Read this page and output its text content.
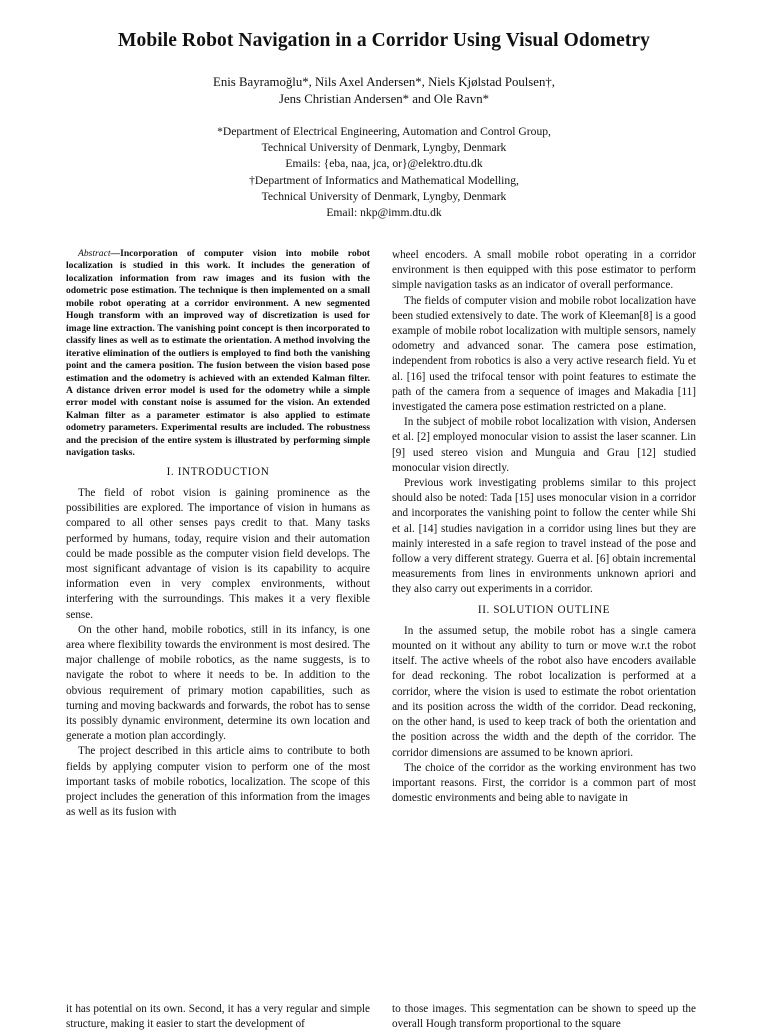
Mobile Robot Navigation in a Corridor Using Visual Odometry
Enis Bayramoğlu*, Nils Axel Andersen*, Niels Kjølstad Poulsen†,
Jens Christian Andersen* and Ole Ravn*
*Department of Electrical Engineering, Automation and Control Group,
Technical University of Denmark, Lyngby, Denmark
Emails: {eba, naa, jca, or}@elektro.dtu.dk
†Department of Informatics and Mathematical Modelling,
Technical University of Denmark, Lyngby, Denmark
Email: nkp@imm.dtu.dk

Abstract—Incorporation of computer vision into mobile robot localization is studied in this work. It includes the generation of localization information from raw images and its fusion with the odometric pose estimation. The technique is then implemented on a small mobile robot operating at a corridor environment. A new segmented Hough transform with an improved way of discretization is used for image line extraction. The vanishing point concept is then incorporated to classify lines as well as to estimate the orientation. A method involving the iterative elimination of the outliers is employed to find both the vanishing point and the camera position. The fusion between the vision based pose estimation and the odometry is achieved with an extended Kalman filter. A distance driven error model is used for the odometry while a simple error model with constant noise is assumed for the vision. An extended Kalman filter as a parameter estimator is also applied to estimate odometry parameters. Experimental results are included. The robustness and the precision of the entire system is illustrated by performing simple navigation tasks.

I. INTRODUCTION

The field of robot vision is gaining prominence as the possibilities are explored. The importance of vision in humans as compared to all other senses pays credit to that. Many tasks performed by humans, today, require vision and their automation could be made possible as the computer vision field develops. The most significant advantage of vision is its capability to acquire information even in very complex environments, without interfering with the surroundings. This makes it a very flexible sense.

On the other hand, mobile robotics, still in its infancy, is one area where flexibility towards the environment is most desired. The major challenge of mobile robotics, as the name suggests, is to navigate the robot to where it needs to be. In addition to the obvious requirement of primary motion capabilities, such as turning and moving backwards and forwards, the robot has to sense its possibly dynamic environment, determine its own location and generate a motion plan accordingly.

The project described in this article aims to contribute to both fields by applying computer vision to perform one of the most important tasks of mobile robotics, localization. The scope of this project includes the generation of this information from the images as well as its fusion with

wheel encoders. A small mobile robot operating in a corridor environment is then equipped with this pose estimator to perform simple navigation tasks as an indicator of overall performance.

The fields of computer vision and mobile robot localization have been studied extensively to date. The work of Kleeman[8] is a good example of mobile robot localization with multiple sensors, namely odometry and advanced sonar. The camera pose estimation, independent from robotics is also a very active research field. Yu et al. [16] used the trifocal tensor with point features to estimate the path of the camera from a sequence of images and Makadia [11] investigated the camera pose estimation restricted on a plane.

In the subject of mobile robot localization with vision, Andersen et al. [2] employed monocular vision to assist the laser scanner. Lin [9] used stereo vision and Munguia and Grau [12] studied monocular vision directly.

Previous work investigating problems similar to this project should also be noted: Tada [15] uses monocular vision in a corridor and incorporates the vanishing point to follow the center while Shi et al. [14] studies navigation in a corridor using lines but they are mainly interested in a safe region to travel instead of the pose and follow a very different strategy. Guerra et al. [6] obtain incremental measurements from lines in environments unknown apriori and they also carry out experiments in a corridor.

II. SOLUTION OUTLINE

In the assumed setup, the mobile robot has a single camera mounted on it without any ability to turn or move w.r.t the robot itself. The active wheels of the robot also have encoders available for dead reckoning. The robot localization is performed at a corridor, where the vision is used to estimate the robot orientation and its position across the width of the corridor. Dead reckoning, on the other hand, is used to keep track of both the orientation and the position across the width and the depth of the corridor. The corridor dimensions are assumed to be known apriori.

The choice of the corridor as the working environment has two important reasons. First, the corridor is a common part of most domestic environments and being able to navigate in

it has potential on its own. Second, it has a very regular and simple structure, making it easier to start the development of

to those images. This segmentation can be shown to speed up the overall Hough transform proportional to the square
